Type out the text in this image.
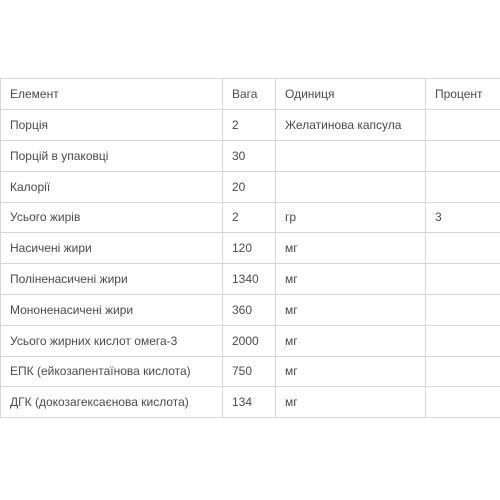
Елемент	Вага	Одиниця	Процент
Порція	2	Желатинова капсула	
Порцій в упаковці	30		
Калорії	20		
Усього жирів	2	гр	3
Насичені жири	120	мг	
Поліненасичені жири	1340	мг	
Мононенасичені жири	360	мг	
Усього жирних кислот омега-3	2000	мг	
ЕПК (ейкозапентаїнова кислота)	750	мг	
ДГК (докозагексаєнова кислота)	134	мг	
